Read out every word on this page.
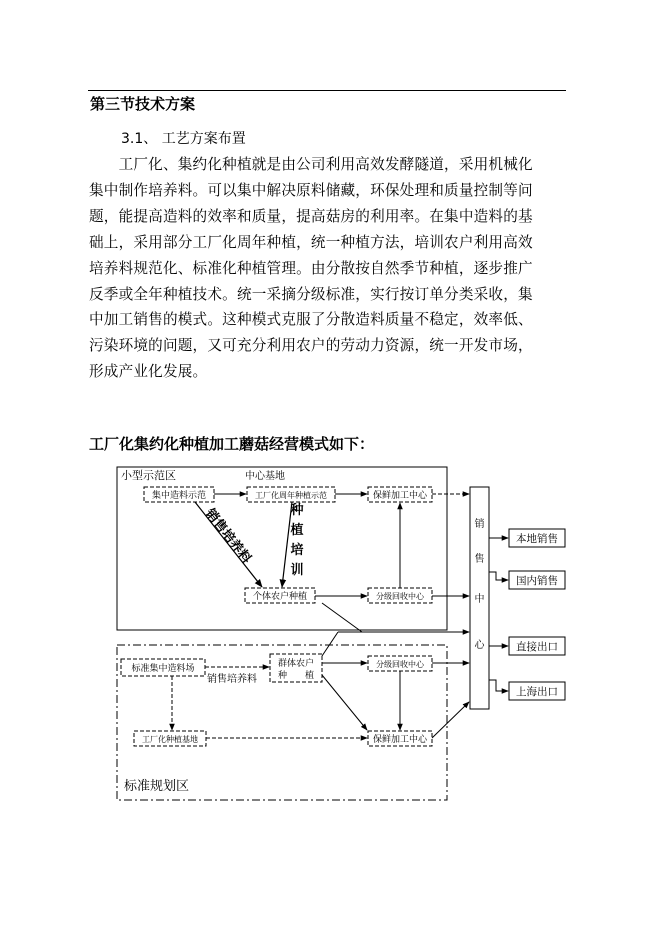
第三节技术方案
3.1、 工艺方案布置
　　工厂化、集约化种植就是由公司利用高效发酵隧道，采用机械化
集中制作培养料。可以集中解决原料储藏，环保处理和质量控制等问
题，能提高造料的效率和质量，提高菇房的利用率。在集中造料的基
础上，采用部分工厂化周年种植，统一种植方法，培训农户利用高效
培养料规范化、标准化种植管理。由分散按自然季节种植，逐步推广
反季或全年种植技术。统一采摘分级标准，实行按订单分类采收，集
中加工销售的模式。这种模式克服了分散造料质量不稳定，效率低、
污染环境的问题，又可充分利用农户的劳动力资源，统一开发市场，
形成产业化发展。
工厂化集约化种植加工蘑菇经营模式如下：
小型示范区	中心基地
标准规划区
集中造料示范	工厂化周年种植示范	保鲜加工中心
个体农户种植	分级回收中心
标准集中造料场	群体农户
种　　植
分级回收中心
工厂化种植基地	保鲜加工中心
销
售
中
心
本地销售
国内销售
直接出口
上海出口
销售培养料	种
植
培
训
销售培养料
